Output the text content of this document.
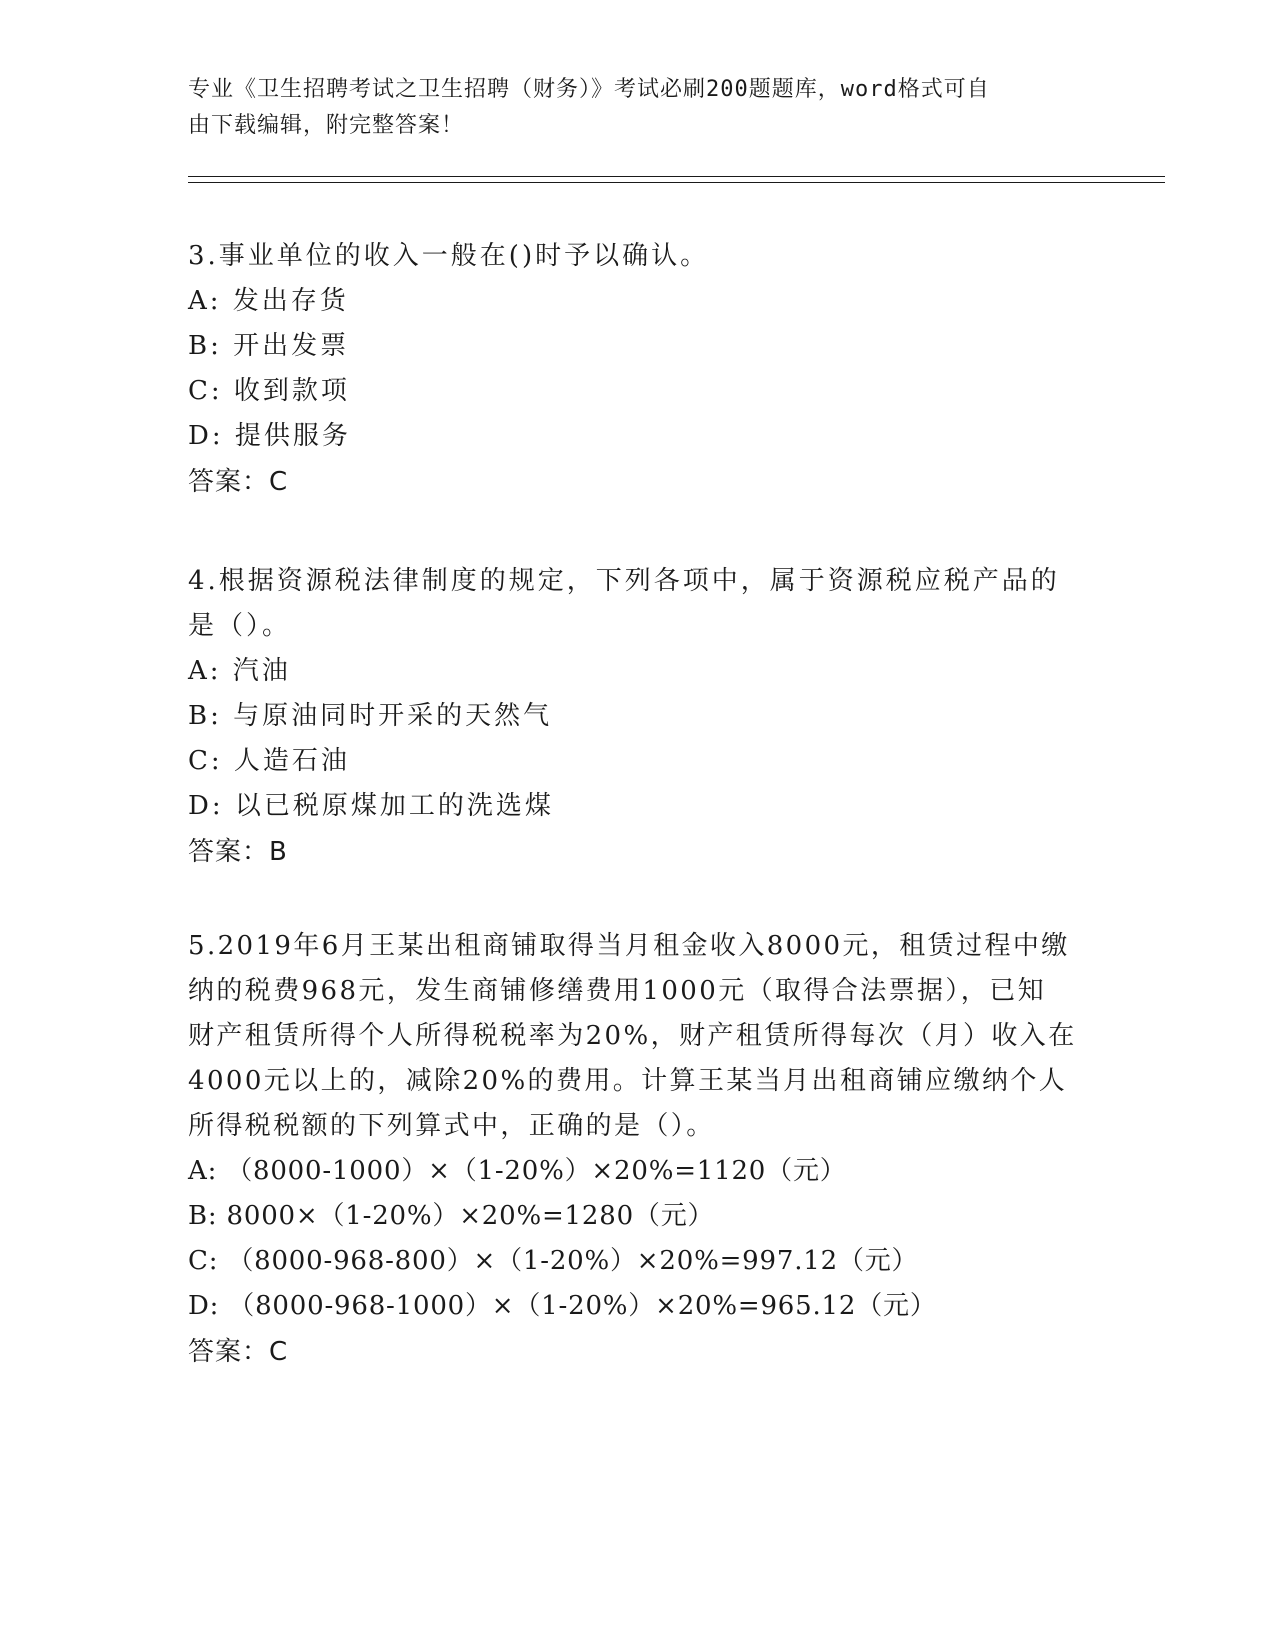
专业《卫生招聘考试之卫生招聘（财务）》考试必刷200题题库，word格式可自
由下载编辑，附完整答案！

3.事业单位的收入一般在()时予以确认。

A: 发出存货

B: 开出发票

C: 收到款项

D: 提供服务

答案：C

4.根据资源税法律制度的规定，下列各项中，属于资源税应税产品的

是（）。

A: 汽油

B: 与原油同时开采的天然气

C: 人造石油

D: 以已税原煤加工的洗选煤

答案：B

5.2019年6月王某出租商铺取得当月租金收入8000元，租赁过程中缴

纳的税费968元，发生商铺修缮费用1000元（取得合法票据），已知

财产租赁所得个人所得税税率为20%，财产租赁所得每次（月）收入在

4000元以上的，减除20%的费用。计算王某当月出租商铺应缴纳个人

所得税税额的下列算式中，正确的是（）。

A: （8000-1000）×（1-20%）×20%=1120（元）

B: 8000×（1-20%）×20%=1280（元）

C: （8000-968-800）×（1-20%）×20%=997.12（元）

D: （8000-968-1000）×（1-20%）×20%=965.12（元）

答案：C
